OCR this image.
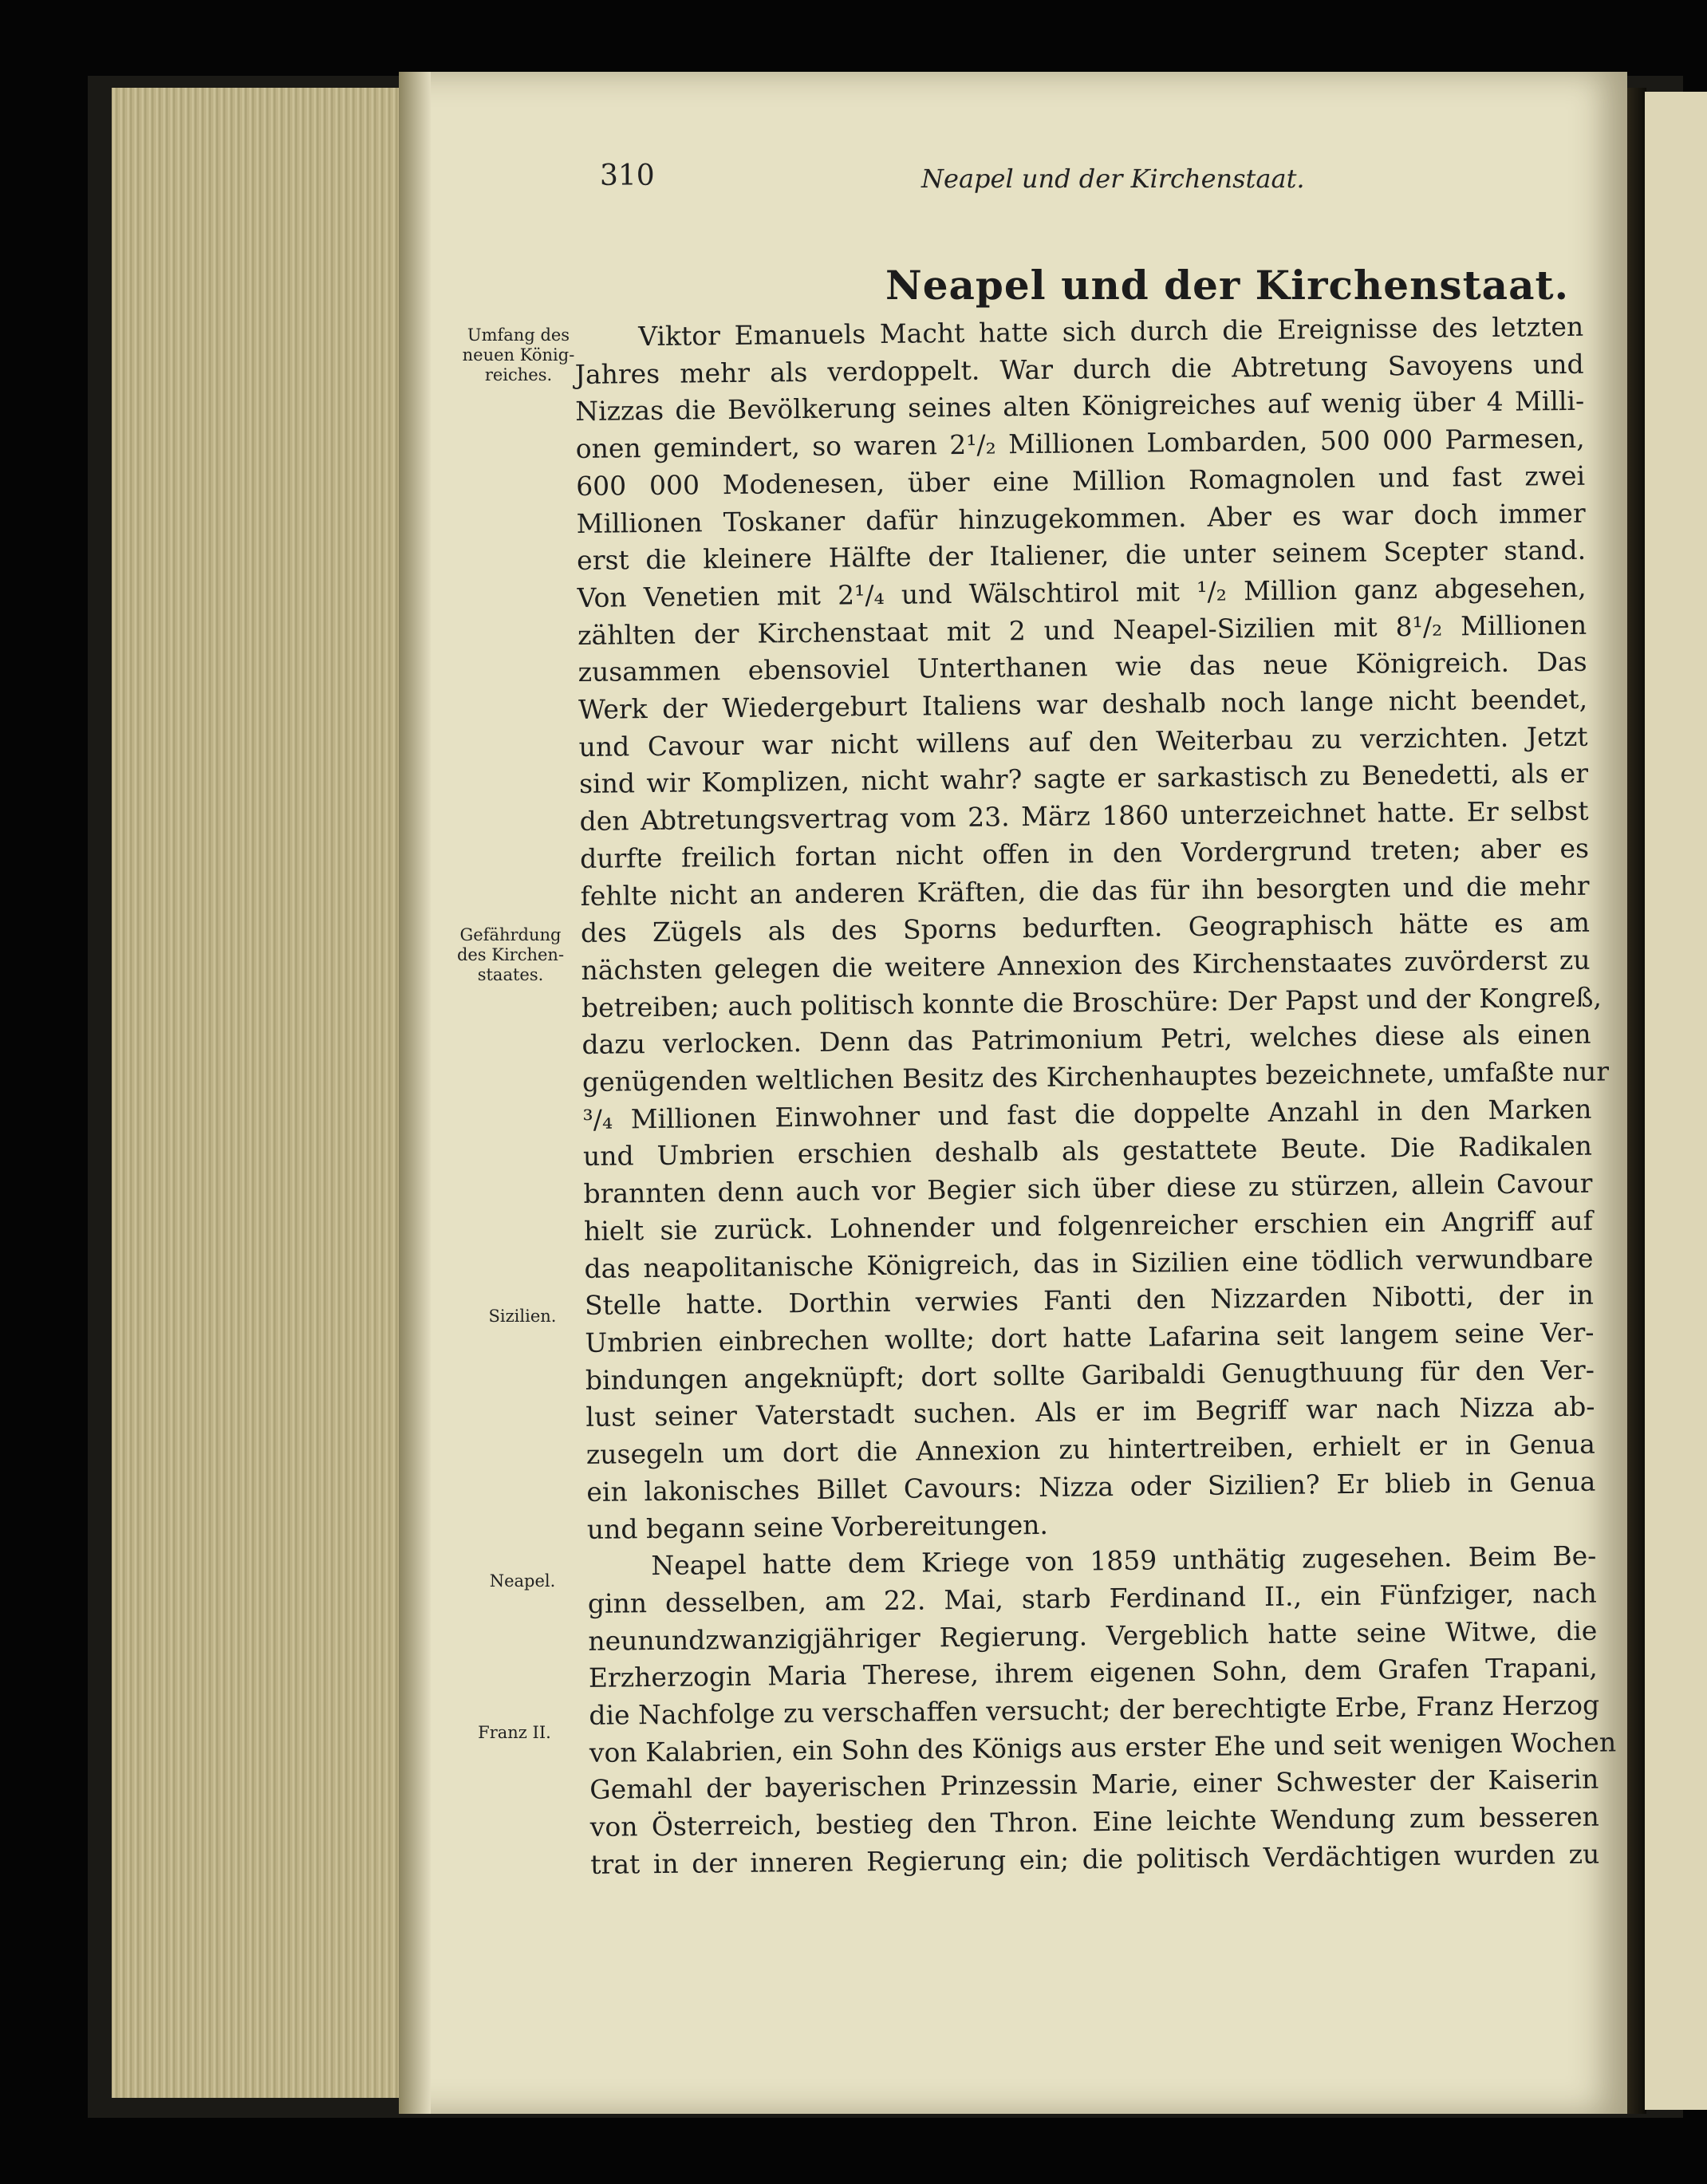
310	Neapel und der Kirchenstaat.
Neapel und der Kirchenstaat.
Umfang des neuen Königreiches.
Gefährdung des Kirchenstaates.
Sizilien.
Neapel.
Franz II.
Viktor Emanuels Macht hatte sich durch die Ereignisse des letzten
Jahres mehr als verdoppelt. War durch die Abtretung Savoyens und
Nizzas die Bevölkerung seines alten Königreiches auf wenig über 4 Milli-
onen gemindert, so waren 2¹/₂ Millionen Lombarden, 500 000 Parmesen,
600 000 Modenesen, über eine Million Romagnolen und fast zwei
Millionen Toskaner dafür hinzugekommen. Aber es war doch immer
erst die kleinere Hälfte der Italiener, die unter seinem Scepter stand.
Von Venetien mit 2¹/₄ und Wälschtirol mit ¹/₂ Million ganz abgesehen,
zählten der Kirchenstaat mit 2 und Neapel-Sizilien mit 8¹/₂ Millionen
zusammen ebensoviel Unterthanen wie das neue Königreich. Das
Werk der Wiedergeburt Italiens war deshalb noch lange nicht beendet,
und Cavour war nicht willens auf den Weiterbau zu verzichten. Jetzt
sind wir Komplizen, nicht wahr? sagte er sarkastisch zu Benedetti, als er
den Abtretungsvertrag vom 23. März 1860 unterzeichnet hatte. Er selbst
durfte freilich fortan nicht offen in den Vordergrund treten; aber es
fehlte nicht an anderen Kräften, die das für ihn besorgten und die mehr
des Zügels als des Sporns bedurften. Geographisch hätte es am
nächsten gelegen die weitere Annexion des Kirchenstaates zuvörderst zu
betreiben; auch politisch konnte die Broschüre: Der Papst und der Kongreß,
dazu verlocken. Denn das Patrimonium Petri, welches diese als einen
genügenden weltlichen Besitz des Kirchenhauptes bezeichnete, umfaßte nur
³/₄ Millionen Einwohner und fast die doppelte Anzahl in den Marken
und Umbrien erschien deshalb als gestattete Beute. Die Radikalen
brannten denn auch vor Begier sich über diese zu stürzen, allein Cavour
hielt sie zurück. Lohnender und folgenreicher erschien ein Angriff auf
das neapolitanische Königreich, das in Sizilien eine tödlich verwundbare
Stelle hatte. Dorthin verwies Fanti den Nizzarden Nibotti, der in
Umbrien einbrechen wollte; dort hatte Lafarina seit langem seine Ver-
bindungen angeknüpft; dort sollte Garibaldi Genugthuung für den Ver-
lust seiner Vaterstadt suchen. Als er im Begriff war nach Nizza ab-
zusegeln um dort die Annexion zu hintertreiben, erhielt er in Genua
ein lakonisches Billet Cavours: Nizza oder Sizilien? Er blieb in Genua
und begann seine Vorbereitungen.
Neapel hatte dem Kriege von 1859 unthätig zugesehen. Beim Be-
ginn desselben, am 22. Mai, starb Ferdinand II., ein Fünfziger, nach
neunundzwanzigjähriger Regierung. Vergeblich hatte seine Witwe, die
Erzherzogin Maria Therese, ihrem eigenen Sohn, dem Grafen Trapani,
die Nachfolge zu verschaffen versucht; der berechtigte Erbe, Franz Herzog
von Kalabrien, ein Sohn des Königs aus erster Ehe und seit wenigen Wochen
Gemahl der bayerischen Prinzessin Marie, einer Schwester der Kaiserin
von Österreich, bestieg den Thron. Eine leichte Wendung zum besseren
trat in der inneren Regierung ein; die politisch Verdächtigen wurden zu
